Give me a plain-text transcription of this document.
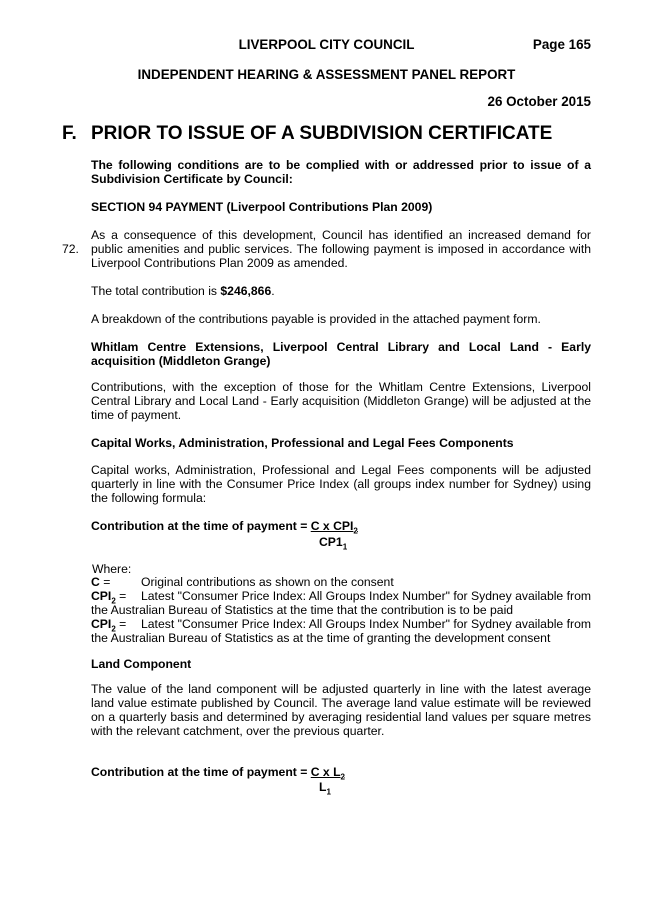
LIVERPOOL CITY COUNCIL	Page 165
INDEPENDENT HEARING & ASSESSMENT PANEL REPORT
26 October 2015
F. PRIOR TO ISSUE OF A SUBDIVISION CERTIFICATE
The following conditions are to be complied with or addressed prior to issue of a Subdivision Certificate by Council:
SECTION 94 PAYMENT (Liverpool Contributions Plan 2009)
72.
As a consequence of this development, Council has identified an increased demand for public amenities and public services. The following payment is imposed in accordance with Liverpool Contributions Plan 2009 as amended.
The total contribution is $246,866.
A breakdown of the contributions payable is provided in the attached payment form.
Whitlam Centre Extensions, Liverpool Central Library and Local Land - Early acquisition (Middleton Grange)
Contributions, with the exception of those for the Whitlam Centre Extensions, Liverpool Central Library and Local Land - Early acquisition (Middleton Grange) will be adjusted at the time of payment.
Capital Works, Administration, Professional and Legal Fees Components
Capital works, Administration, Professional and Legal Fees components will be adjusted quarterly in line with the Consumer Price Index (all groups index number for Sydney) using the following formula:
Contribution at the time of payment = C x $CPI_2$
$CP1_1$
Where:
C =	Original contributions as shown on the consent
$CPI_2$ = Latest "Consumer Price Index: All Groups Index Number" for Sydney available from the Australian Bureau of Statistics at the time that the contribution is to be paid
$CPI_2$ = Latest "Consumer Price Index: All Groups Index Number" for Sydney available from the Australian Bureau of Statistics as at the time of granting the development consent
Land Component
The value of the land component will be adjusted quarterly in line with the latest average land value estimate published by Council. The average land value estimate will be reviewed on a quarterly basis and determined by averaging residential land values per square metres with the relevant catchment, over the previous quarter.
Contribution at the time of payment = C x $L_2$
$L_1$
